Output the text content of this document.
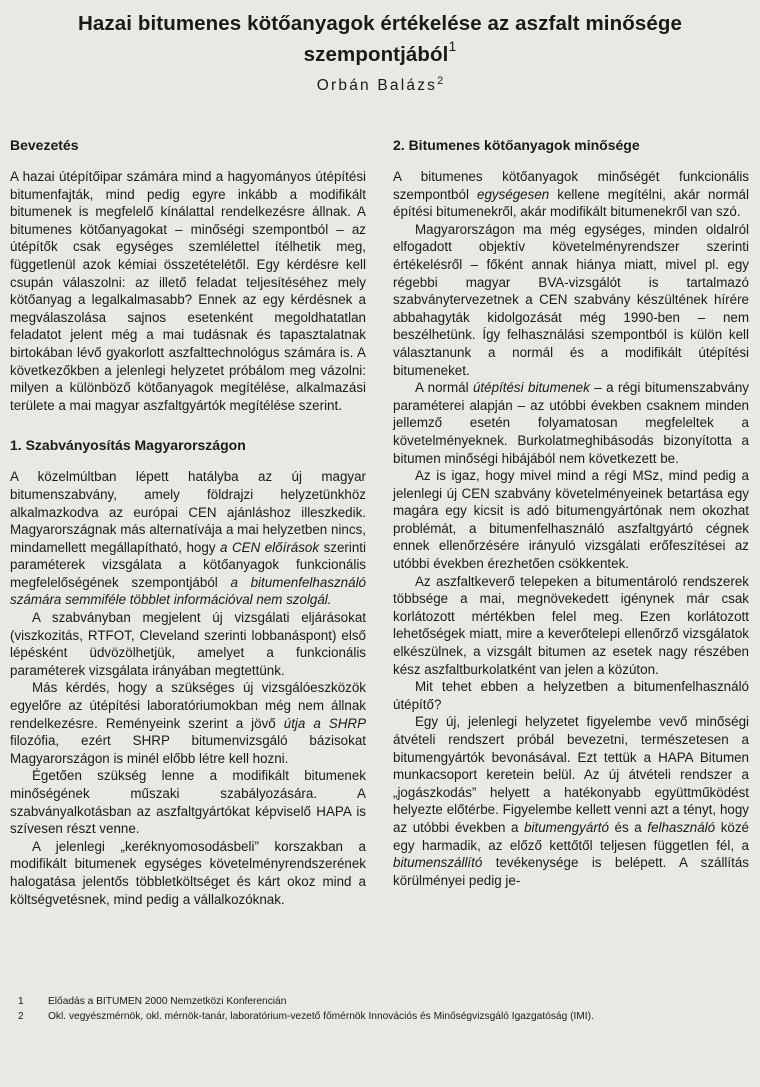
Hazai bitumenes kötőanyagok értékelése az aszfalt minősége
szempontjából$^1$
Orbán Balázs$^2$
Bevezetés

A hazai útépítőipar számára mind a hagyományos útépítési bitumenfajták, mind pedig egyre inkább a modifikált bitumenek is megfelelő kínálattal rendelkezésre állnak. A bitumenes kötőanyagokat – minőségi szempontból – az útépítők csak egységes szemlélettel ítélhetik meg, függetlenül azok kémiai összetételétől. Egy kérdésre kell csupán válaszolni: az illető feladat teljesítéséhez mely kötőanyag a legalkalmasabb? Ennek az egy kérdésnek a megválaszolása sajnos esetenként megoldhatatlan feladatot jelent még a mai tudásnak és tapasztalatnak birtokában lévő gyakorlott aszfalttechnológus számára is. A következőkben a jelenlegi helyzetet próbálom meg vázolni: milyen a különböző kötőanyagok megítélése, alkalmazási területe a mai magyar aszfaltgyártók megítélése szerint.

1. Szabványosítás Magyarországon

A közelmúltban lépett hatályba az új magyar bitumenszabvány, amely földrajzi helyzetünkhöz alkalmazkodva az európai CEN ajánláshoz illeszkedik. Magyarországnak más alternatívája a mai helyzetben nincs, mindamellett megállapítható, hogy a CEN előírások szerinti paraméterek vizsgálata a kötőanyagok funkcionális megfelelőségének szempontjából a bitumenfelhasználó számára semmiféle többlet információval nem szolgál.

A szabványban megjelent új vizsgálati eljárásokat (viszkozitás, RTFOT, Cleveland szerinti lobbanáspont) első lépésként üdvözölhetjük, amelyet a funkcionális paraméterek vizsgálata irányában megtettünk.

Más kérdés, hogy a szükséges új vizsgálóeszközök egyelőre az útépítési laboratóriumokban még nem állnak rendelkezésre. Reményeink szerint a jövő útja a SHRP filozófia, ezért SHRP bitumenvizsgáló bázisokat Magyarországon is minél előbb létre kell hozni.

Égetően szükség lenne a modifikált bitumenek minőségének műszaki szabályozására. A szabványalkotásban az aszfaltgyártókat képviselő HAPA is szívesen részt venne.

A jelenlegi „keréknyomosodásbeli” korszakban a modifikált bitumenek egységes követelményrendszerének halogatása jelentős többletköltséget és kárt okoz mind a költségvetésnek, mind pedig a vállalkozóknak.

2. Bitumenes kötőanyagok minősége

A bitumenes kötőanyagok minőségét funkcionális szempontból egységesen kellene megítélni, akár normál építési bitumenekről, akár modifikált bitumenekről van szó.

Magyarországon ma még egységes, minden oldalról elfogadott objektív követelményrendszer szerinti értékelésről – főként annak hiánya miatt, mivel pl. egy régebbi magyar BVA-vizsgálót is tartalmazó szabványtervezetnek a CEN szabvány készültének hírére abbahagyták kidolgozását még 1990-ben – nem beszélhetünk. Így felhasználási szempontból is külön kell választanunk a normál és a modifikált útépítési bitumeneket.

A normál útépítési bitumenek – a régi bitumenszabvány paraméterei alapján – az utóbbi években csaknem minden jellemző esetén folyamatosan megfeleltek a követelményeknek. Burkolatmeghibásodás bizonyította a bitumen minőségi hibájából nem következett be.

Az is igaz, hogy mivel mind a régi MSz, mind pedig a jelenlegi új CEN szabvány követelményeinek betartása egy magára egy kicsit is adó bitumengyártónak nem okozhat problémát, a bitumenfelhasználó aszfaltgyártó cégnek ennek ellenőrzésére irányuló vizsgálati erőfeszítései az utóbbi években érezhetően csökkentek.

Az aszfaltkeverő telepeken a bitumentároló rendszerek többsége a mai, megnövekedett igénynek már csak korlátozott mértékben felel meg. Ezen korlátozott lehetőségek miatt, mire a keverőtelepi ellenőrző vizsgálatok elkészülnek, a vizsgált bitumen az esetek nagy részében kész aszfaltburkolatként van jelen a közúton.

Mit tehet ebben a helyzetben a bitumenfelhasználó útépítő?

Egy új, jelenlegi helyzetet figyelembe vevő minőségi átvételi rendszert próbál bevezetni, természetesen a bitumengyártók bevonásával. Ezt tettük a HAPA Bitumen munkacsoport keretein belül. Az új átvételi rendszer a „jogászkodás” helyett a hatékonyabb együttműködést helyezte előtérbe. Figyelembe kellett venni azt a tényt, hogy az utóbbi években a bitumengyártó és a felhasználó közé egy harmadik, az előző kettőtől teljesen független fél, a bitumenszállító tevékenysége is belépett. A szállítás körülményei pedig je-

1	Előadás a BITUMEN 2000 Nemzetközi Konferencián
2	Okl. vegyészmérnök, okl. mérnök-tanár, laboratórium-vezető főmérnök Innovációs és Minőségvizsgáló Igazgatóság (IMI).
